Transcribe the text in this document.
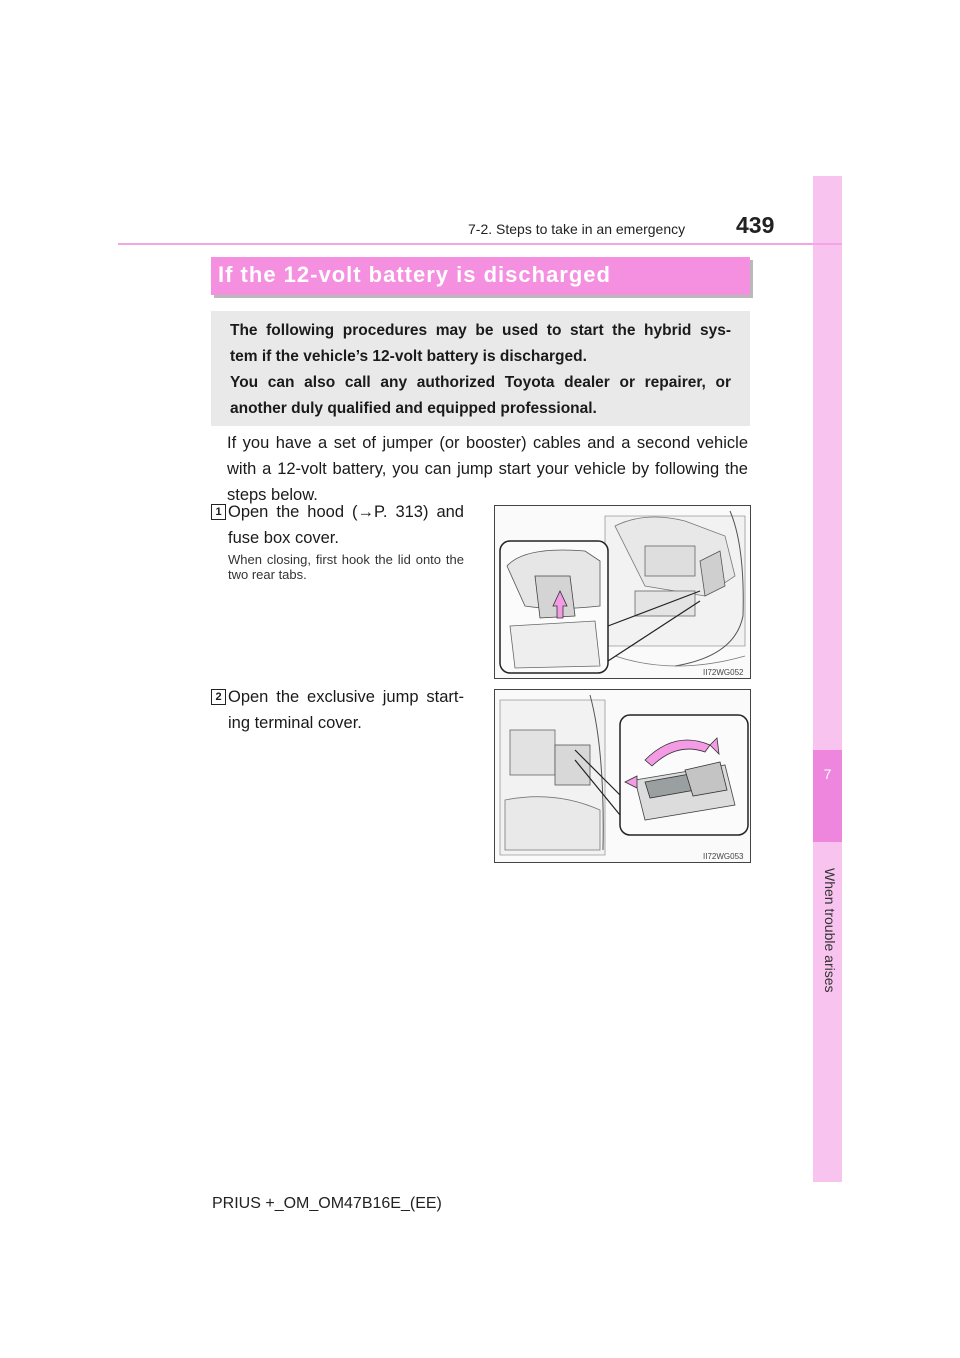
7
When trouble arises
7-2. Steps to take in an emergency 439
If the 12-volt battery is discharged

The following procedures may be used to start the hybrid sys-

tem if the vehicle’s 12-volt battery is discharged.

You can also call any authorized Toyota dealer or repairer, or

another duly qualified and equipped professional.

If you have a set of jumper (or booster) cables and a second vehicle with a 12-volt battery, you can jump start your vehicle by following the steps below.
1 Open the hood (→P. 313) and fuse box cover.
When closing, first hook the lid onto the two rear tabs.
II72WG052
2 Open the exclusive jump start-ing terminal cover.
II72WG053
PRIUS +_OM_OM47B16E_(EE)
